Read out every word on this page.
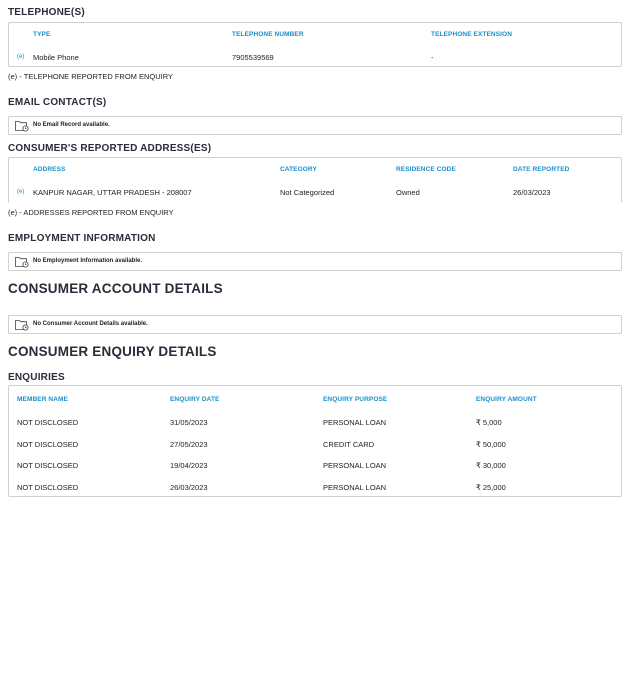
TELEPHONE(S)
TYPE	TELEPHONE NUMBER	TELEPHONE EXTENSION
(e) Mobile Phone	7905539569	-
(e) - TELEPHONE REPORTED FROM ENQUIRY
EMAIL CONTACT(S)
No Email Record available.
CONSUMER'S REPORTED ADDRESS(ES)
ADDRESS	CATEGORY	RESIDENCE CODE	DATE REPORTED
(e) KANPUR NAGAR, UTTAR PRADESH - 208007	Not Categorized	Owned	26/03/2023
(e) - ADDRESSES REPORTED FROM ENQUIRY
EMPLOYMENT INFORMATION
No Employment Information available.
CONSUMER ACCOUNT DETAILS
No Consumer Account Details available.
CONSUMER ENQUIRY DETAILS
ENQUIRIES
MEMBER NAME	ENQUIRY DATE	ENQUIRY PURPOSE	ENQUIRY AMOUNT
NOT DISCLOSED	31/05/2023	PERSONAL LOAN	₹ 5,000
NOT DISCLOSED	27/05/2023	CREDIT CARD	₹ 50,000
NOT DISCLOSED	19/04/2023	PERSONAL LOAN	₹ 30,000
NOT DISCLOSED	26/03/2023	PERSONAL LOAN	₹ 25,000
